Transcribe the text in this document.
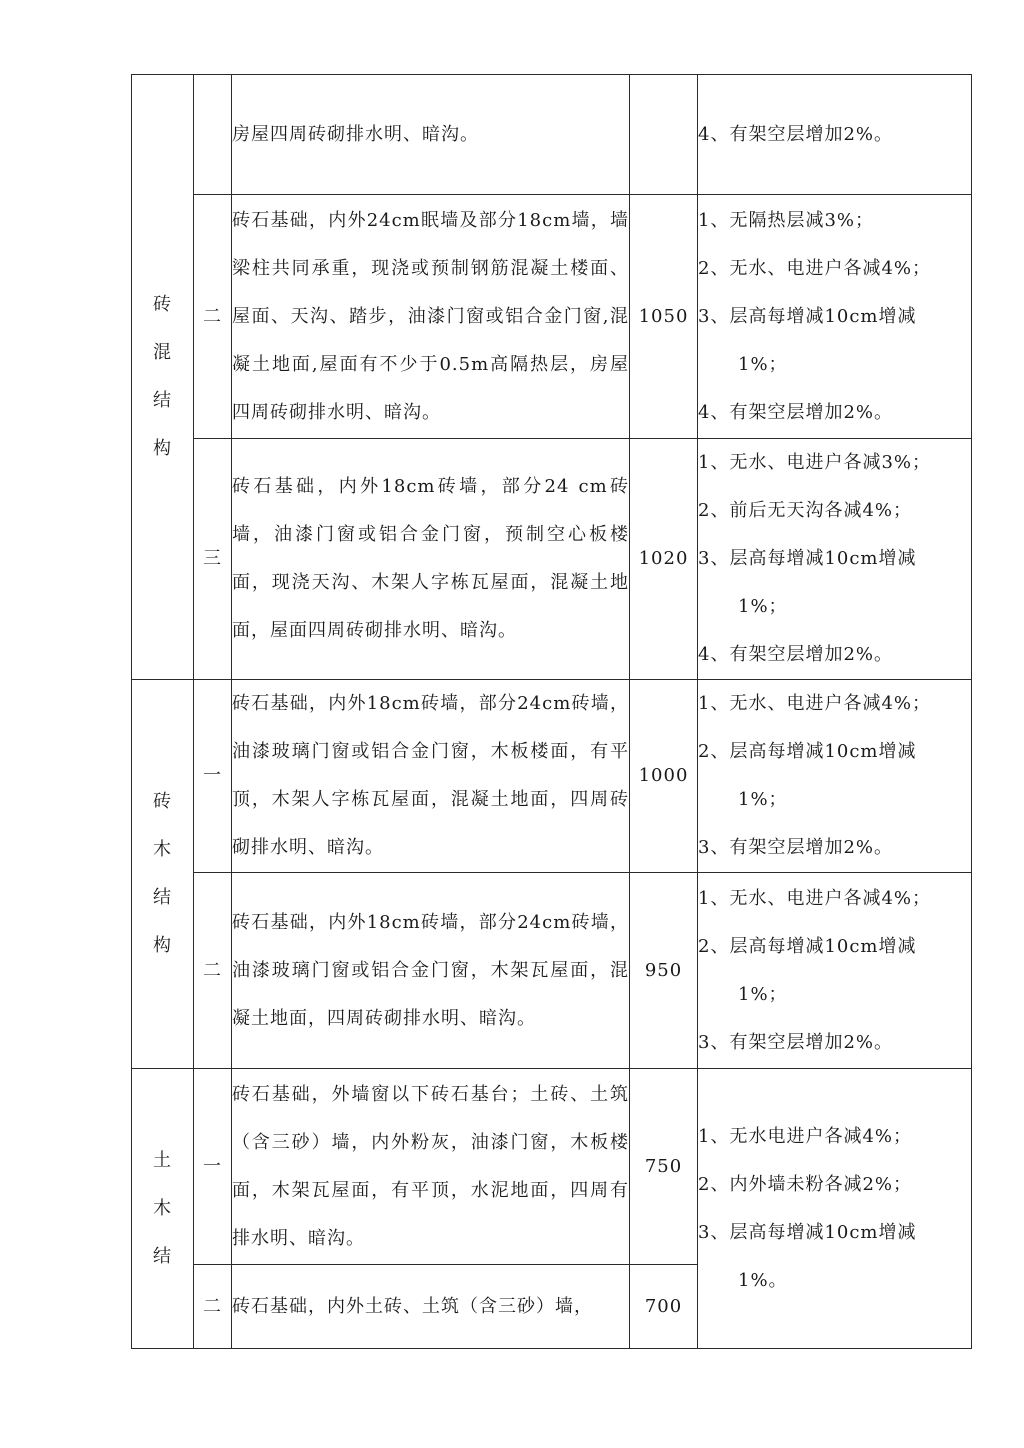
砖混结构		房屋四周砖砌排水明、暗沟。		4、有架空层增加2%。

	二	砖石基础，内外24cm眠墙及部分18cm墙，墙梁柱共同承重，现浇或预制钢筋混凝土楼面、屋面、天沟、踏步，油漆门窗或铝合金门窗,混凝土地面,屋面有不少于0.5m高隔热层，房屋四周砖砌排水明、暗沟。	1050	1、无隔热层减3%；
2、无水、电进户各减4%；
3、层高每增减10cm增减
1%；
4、有架空层增加2%。

	三	砖石基础，内外18cm砖墙，部分24 cm砖墙，油漆门窗或铝合金门窗，预制空心板楼面，现浇天沟、木架人字栋瓦屋面，混凝土地面，屋面四周砖砌排水明、暗沟。	1020	1、无水、电进户各减3%；
2、前后无天沟各减4%；
3、层高每增减10cm增减
1%；
4、有架空层增加2%。

砖木结构	一	砖石基础，内外18cm砖墙，部分24cm砖墙，油漆玻璃门窗或铝合金门窗，木板楼面，有平顶，木架人字栋瓦屋面，混凝土地面，四周砖砌排水明、暗沟。	1000	1、无水、电进户各减4%；
2、层高每增减10cm增减
1%；
3、有架空层增加2%。

	二	砖石基础，内外18cm砖墙，部分24cm砖墙，油漆玻璃门窗或铝合金门窗，木架瓦屋面，混凝土地面，四周砖砌排水明、暗沟。	950	1、无水、电进户各减4%；
2、层高每增减10cm增减
1%；
3、有架空层增加2%。

土木结	一	砖石基础，外墙窗以下砖石基台；土砖、土筑（含三砂）墙，内外粉灰，油漆门窗，木板楼面，木架瓦屋面，有平顶，水泥地面，四周有排水明、暗沟。	750	1、无水电进户各减4%；
2、内外墙未粉各减2%；
3、层高每增减10cm增减
1%。

	二	砖石基础，内外土砖、土筑（含三砂）墙，	700	
